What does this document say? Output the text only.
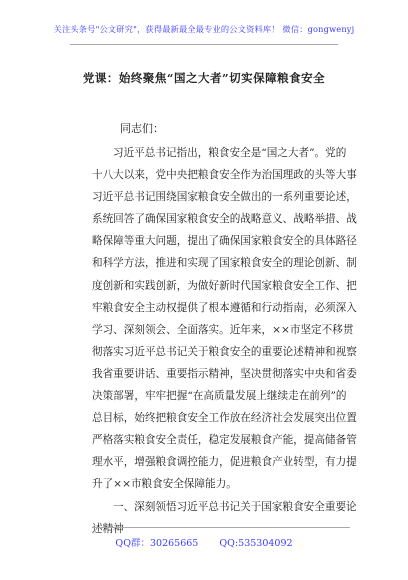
关注头条号"公文研究"，获得最新最全最专业的公文资料库！ 微信：gongwenyj
党课：始终聚焦“国之大者”切实保障粮食安全
同志们：
习近平总书记指出，粮食安全是“国之大者”。党的
十八大以来，党中央把粮食安全作为治国理政的头等大事
习近平总书记围绕国家粮食安全做出的一系列重要论述，
系统回答了确保国家粮食安全的战略意义、战略举措、战
略保障等重大问题，提出了确保国家粮食安全的具体路径
和科学方法，推进和实现了国家粮食安全的理论创新、制
度创新和实践创新，为做好新时代国家粮食安全工作、把
牢粮食安全主动权提供了根本遵循和行动指南，必须深入
学习、深刻领会、全面落实。近年来，××市坚定不移贯
彻落实习近平总书记关于粮食安全的重要论述精神和视察
我省重要讲话、重要指示精神，坚决贯彻落实中央和省委
决策部署，牢牢把握“在高质量发展上继续走在前列”的
总目标，始终把粮食安全工作放在经济社会发展突出位置
严格落实粮食安全责任，稳定发展粮食产能，提高储备管
理水平，增强粮食调控能力，促进粮食产业转型，有力提
升了××市粮食安全保障能力。
一、深刻领悟习近平总书记关于国家粮食安全重要论
述精神
QQ群：30265665 QQ:535304092
